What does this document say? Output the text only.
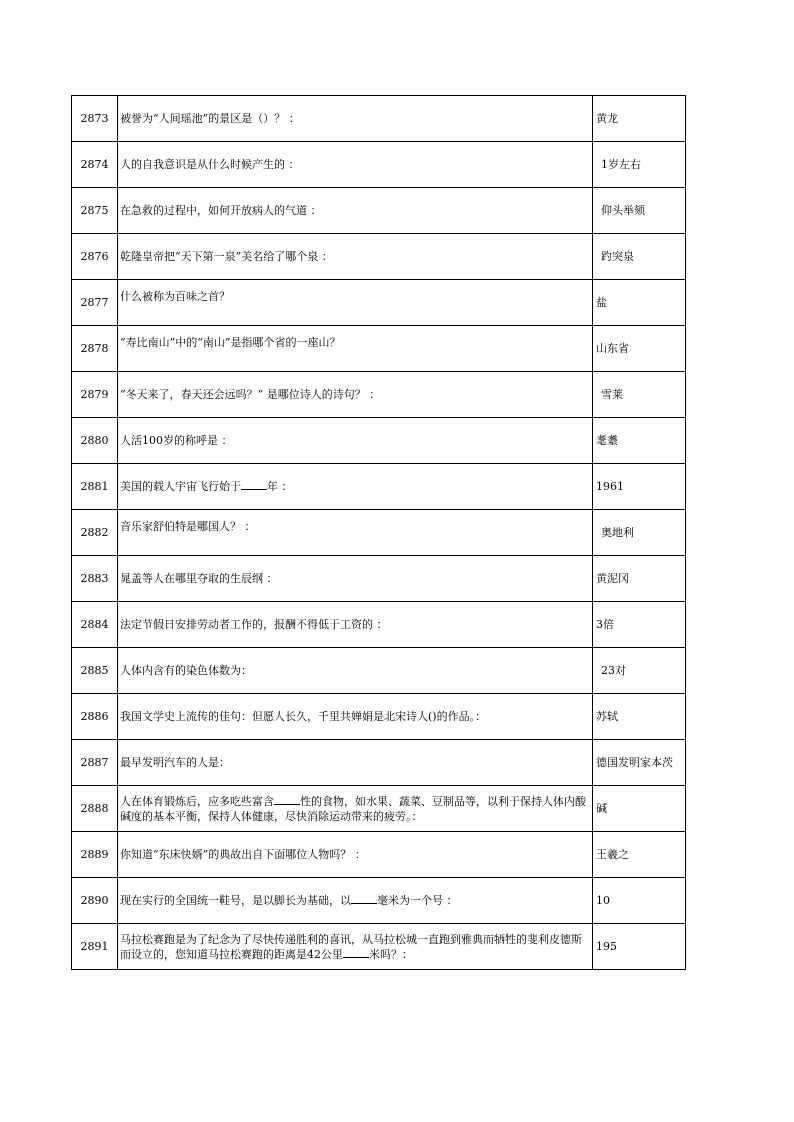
2873	被誉为“人间瑶池”的景区是（）？ ：	黄龙
2874	人的自我意识是从什么时候产生的 ：	1岁左右
2875	在急救的过程中，如何开放病人的气道 ：	仰头举颏
2876	乾隆皇帝把“天下第一泉”美名给了哪个泉 ：	趵突泉
2877	什么被称为百味之首？	盐
2878	“寿比南山”中的“南山”是指哪个省的一座山？	山东省
2879	“冬天来了，春天还会远吗？” 是哪位诗人的诗句？ ：	雪莱
2880	人活100岁的称呼是 ：	耄耋
2881	美国的载人宇宙飞行始于 年 ：	1961
2882	音乐家舒伯特是哪国人？ ：	奥地利
2883	晁盖等人在哪里夺取的生辰纲 ：	黄泥冈
2884	法定节假日安排劳动者工作的，报酬不得低于工资的 ：	3倍
2885	人体内含有的染色体数为：	23对
2886	我国文学史上流传的佳句：但愿人长久，千里共婵娟是北宋诗人()的作品。：	苏轼
2887	最早发明汽车的人是：	德国发明家本茨
2888	人在体育锻炼后，应多吃些富含 性的食物，如水果、蔬菜、豆制品等，以利于保持人体内酸碱度的基本平衡，保持人体健康，尽快消除运动带来的疲劳。：	碱
2889	你知道“东床快婿”的典故出自下面哪位人物吗？ ：	王羲之
2890	现在实行的全国统一鞋号，是以脚长为基础，以 毫米为一个号 ：	10
2891	马拉松赛跑是为了纪念为了尽快传递胜利的喜讯，从马拉松城一直跑到雅典而牺牲的斐利皮德斯而设立的，您知道马拉松赛跑的距离是42公里 米吗？：	195
